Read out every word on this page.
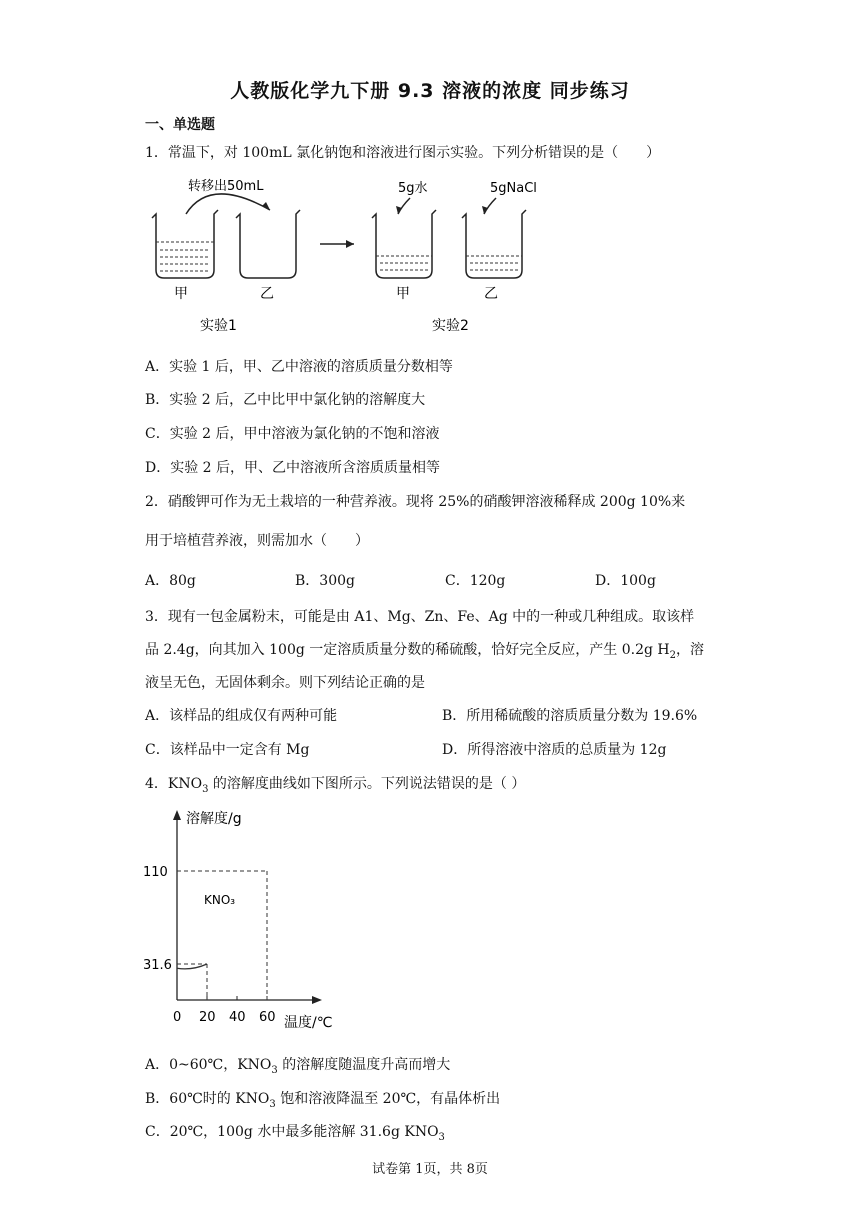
人教版化学九下册 9.3 溶液的浓度 同步练习
一、单选题
1．常温下，对 100mL 氯化钠饱和溶液进行图示实验。下列分析错误的是（　　）
转移出50mL	5g水	5gNaCl
甲	乙	甲	乙
实验1	实验2
A．实验 1 后，甲、乙中溶液的溶质质量分数相等
B．实验 2 后，乙中比甲中氯化钠的溶解度大
C．实验 2 后，甲中溶液为氯化钠的不饱和溶液
D．实验 2 后，甲、乙中溶液所含溶质质量相等
2．硝酸钾可作为无土栽培的一种营养液。现将 25%的硝酸钾溶液稀释成 200g 10%来
用于培植营养液，则需加水（　　）
A．80g	B．300g	C．120g	D．100g
3．现有一包金属粉末，可能是由 A1、Mg、Zn、Fe、Ag 中的一种或几种组成。取该样
品 2.4g，向其加入 100g 一定溶质质量分数的稀硫酸，恰好完全反应，产生 0.2g $H_2$，溶
液呈无色，无固体剩余。则下列结论正确的是
A．该样品的组成仅有两种可能	B．所用稀硫酸的溶质质量分数为 19.6%
C．该样品中一定含有 Mg	D．所得溶液中溶质的总质量为 12g
4．$KNO_3$ 的溶解度曲线如下图所示。下列说法错误的是（ ）
0 20 40 60
31.6
110
溶解度/g
温度/℃
KNO₃
A．0~60℃，$KNO_3$ 的溶解度随温度升高而增大
B．60℃时的 $KNO_3$ 饱和溶液降温至 20℃，有晶体析出
C．20℃，100g 水中最多能溶解 31.6g $KNO_3$
试卷第 1页，共 8页
